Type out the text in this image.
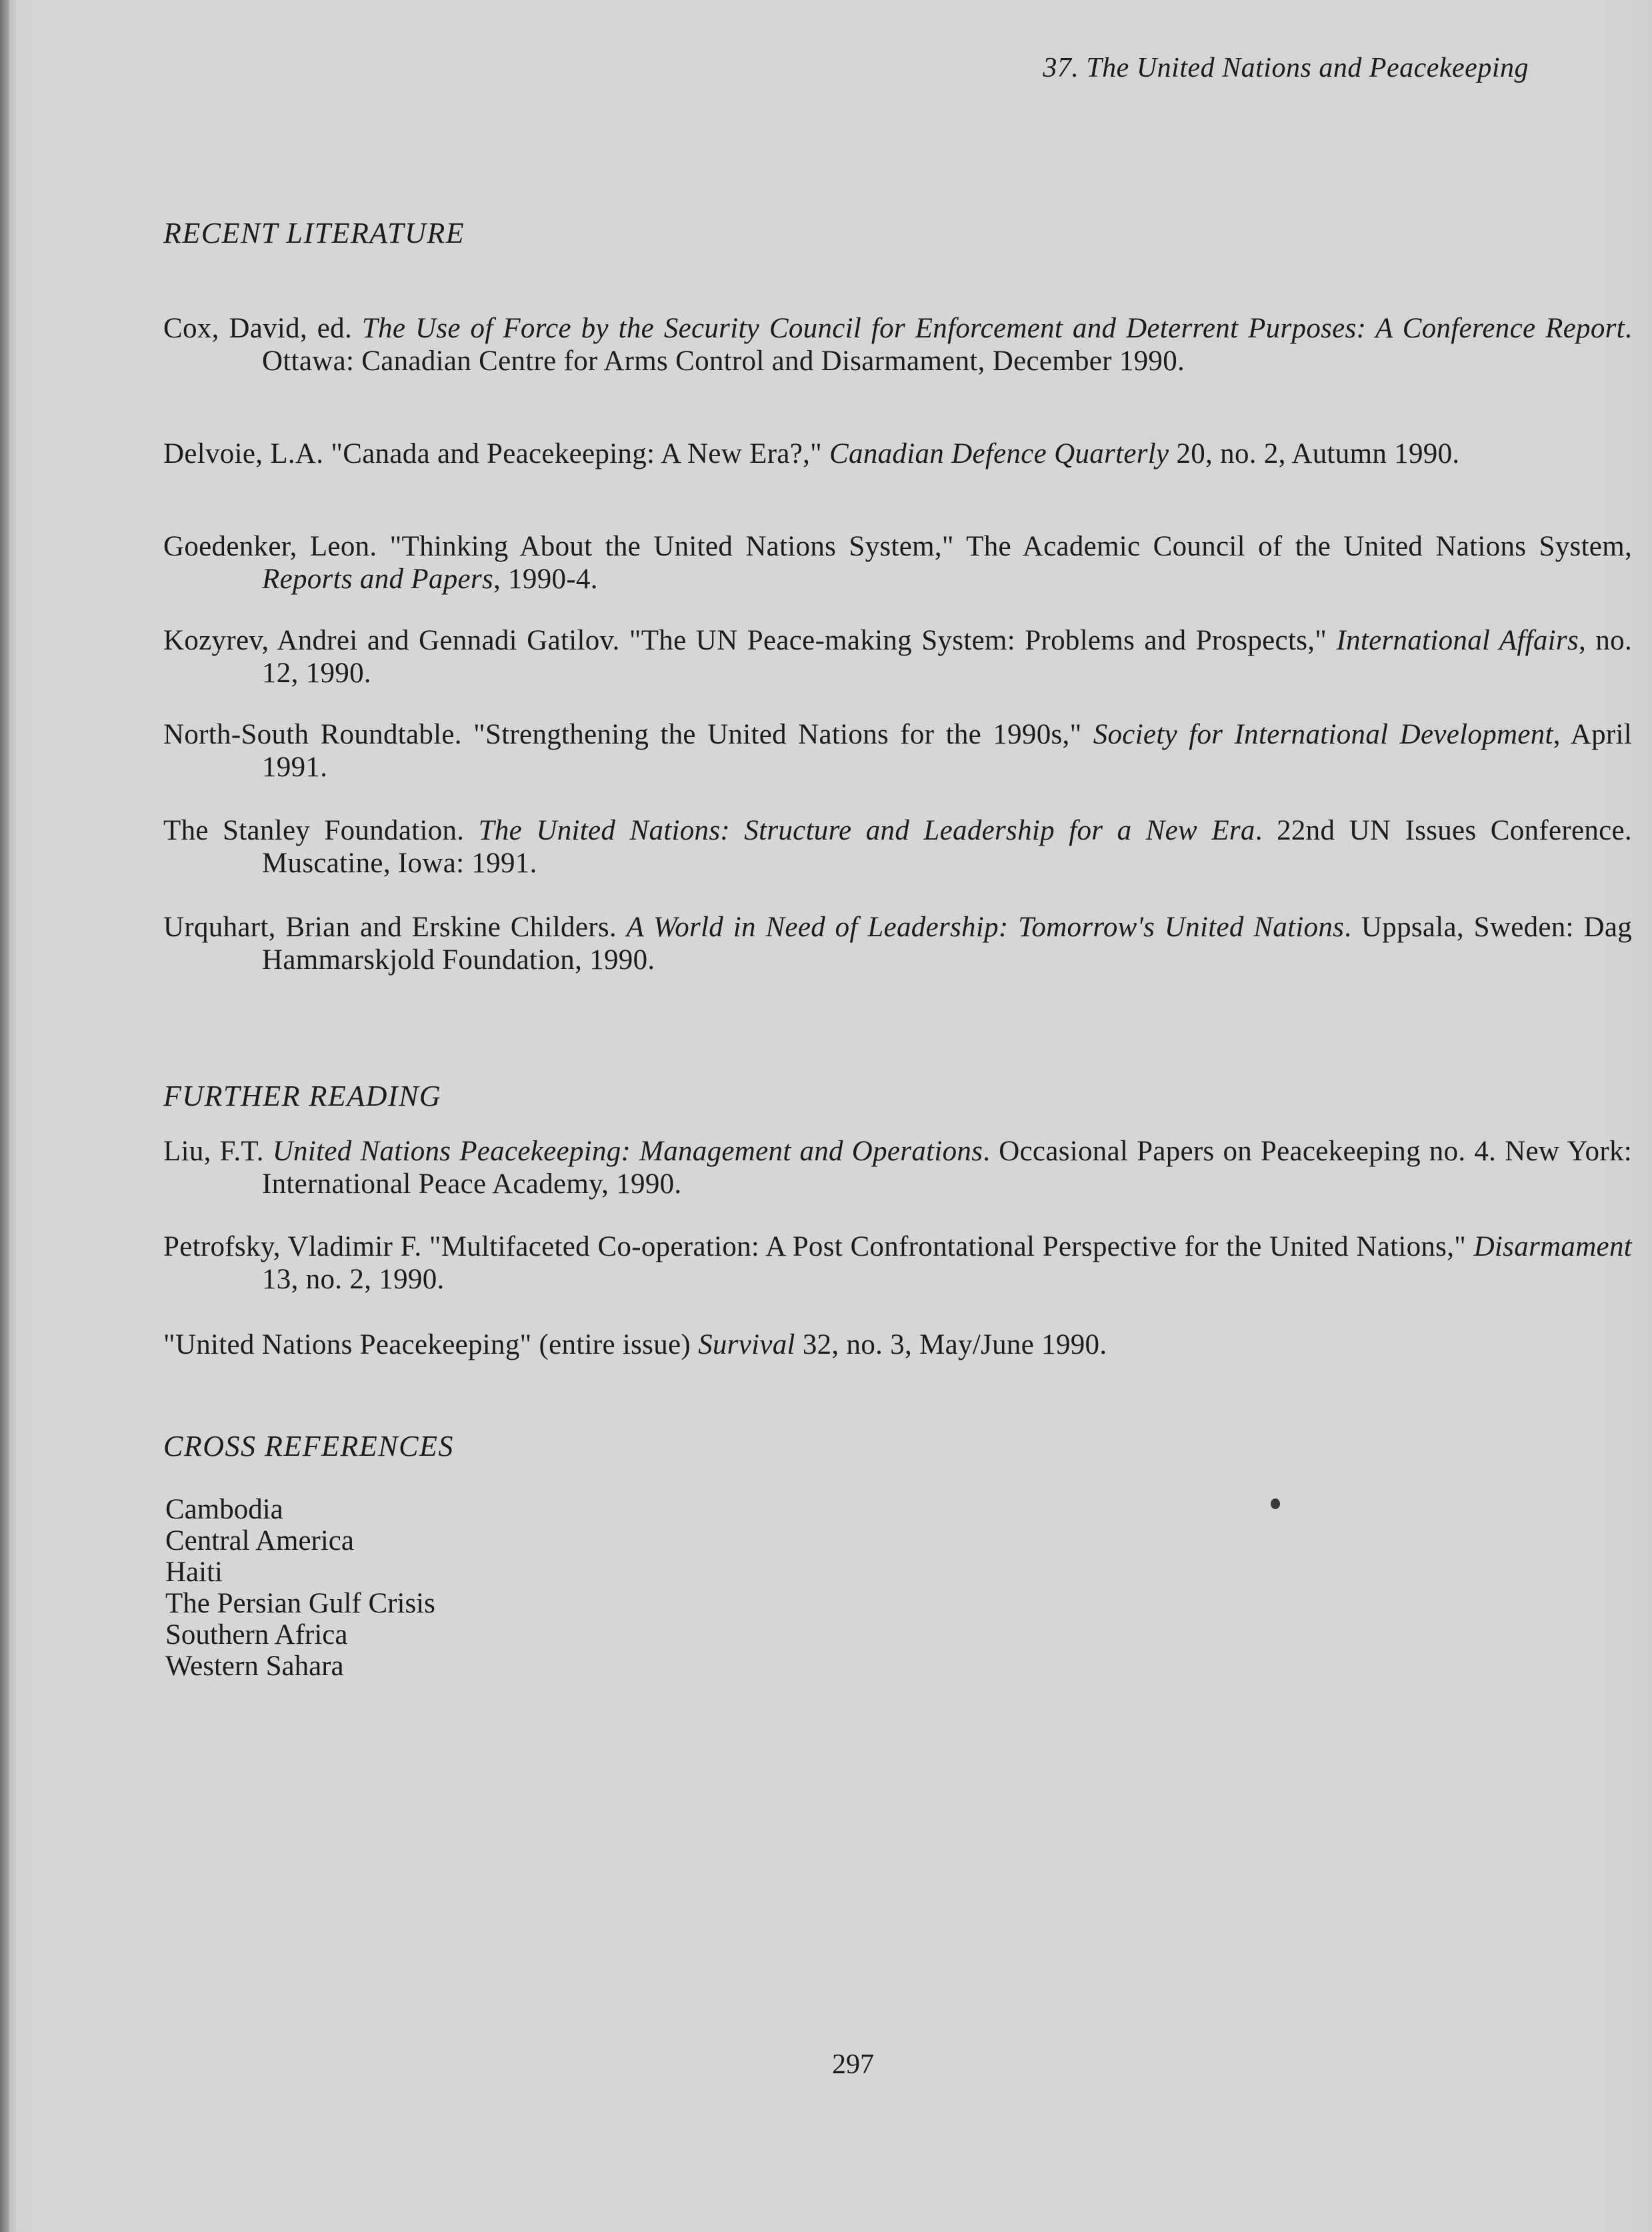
37. The United Nations and Peacekeeping
RECENT LITERATURE
Cox, David, ed. The Use of Force by the Security Council for Enforcement and Deterrent Purposes: A Conference Report. Ottawa: Canadian Centre for Arms Control and Disarmament, December 1990.
Delvoie, L.A. "Canada and Peacekeeping: A New Era?," Canadian Defence Quarterly 20, no. 2, Autumn 1990.
Goedenker, Leon. "Thinking About the United Nations System," The Academic Council of the United Nations System, Reports and Papers, 1990-4.
Kozyrev, Andrei and Gennadi Gatilov. "The UN Peace-making System: Problems and Prospects," International Affairs, no. 12, 1990.
North-South Roundtable. "Strengthening the United Nations for the 1990s," Society for International Development, April 1991.
The Stanley Foundation. The United Nations: Structure and Leadership for a New Era. 22nd UN Issues Conference. Muscatine, Iowa: 1991.
Urquhart, Brian and Erskine Childers. A World in Need of Leadership: Tomorrow's United Nations. Uppsala, Sweden: Dag Hammarskjold Foundation, 1990.
FURTHER READING
Liu, F.T. United Nations Peacekeeping: Management and Operations. Occasional Papers on Peacekeeping no. 4. New York: International Peace Academy, 1990.
Petrofsky, Vladimir F. "Multifaceted Co-operation: A Post Confrontational Perspective for the United Nations," Disarmament 13, no. 2, 1990.
"United Nations Peacekeeping" (entire issue) Survival 32, no. 3, May/June 1990.
CROSS REFERENCES
Cambodia
Central America
Haiti
The Persian Gulf Crisis
Southern Africa
Western Sahara
297
